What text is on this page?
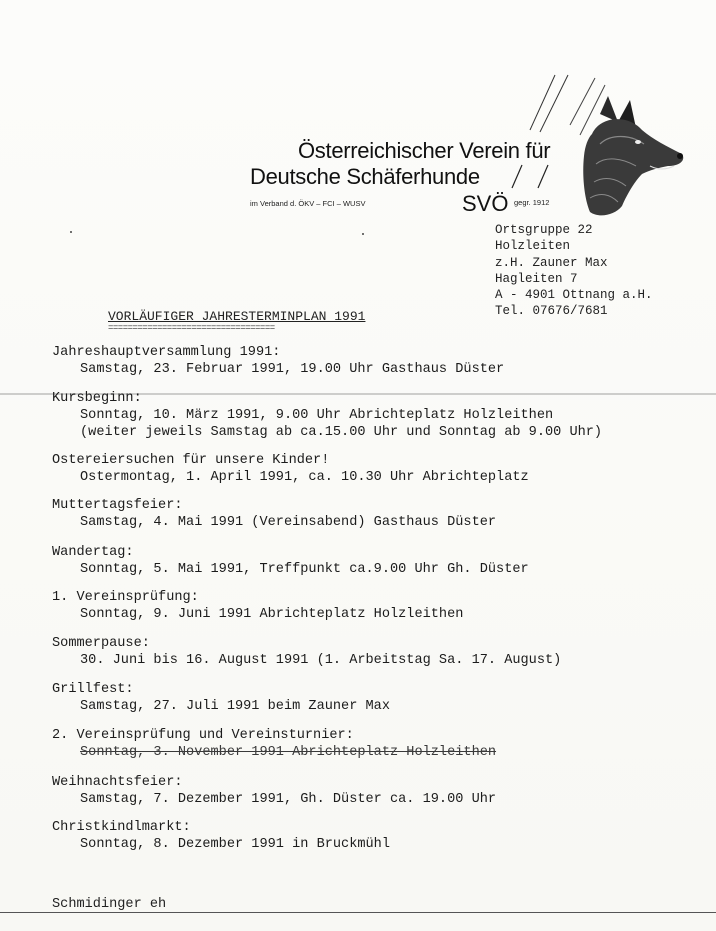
Österreichischer Verein für
Deutsche Schäferhunde
im Verband d. ÖKV – FCI – WUSV	SVÖ gegr. 1912
Ortsgruppe 22
Holzleiten
z.H. Zauner Max
Hagleiten 7
A - 4901 Ottnang a.H.
Tel. 07676/7681
VORLÄUFIGER JAHRESTERMINPLAN 1991
==================================
Jahreshauptversammlung 1991:
Samstag, 23. Februar 1991, 19.00 Uhr Gasthaus Düster
Kursbeginn:
Sonntag, 10. März 1991, 9.00 Uhr Abrichteplatz Holzleithen
(weiter jeweils Samstag ab ca.15.00 Uhr und Sonntag ab 9.00 Uhr)
Ostereiersuchen für unsere Kinder!
Ostermontag, 1. April 1991, ca. 10.30 Uhr Abrichteplatz
Muttertagsfeier:
Samstag, 4. Mai 1991 (Vereinsabend) Gasthaus Düster
Wandertag:
Sonntag, 5. Mai 1991, Treffpunkt ca.9.00 Uhr Gh. Düster
1. Vereinsprüfung:
Sonntag, 9. Juni 1991 Abrichteplatz Holzleithen
Sommerpause:
30. Juni bis 16. August 1991 (1. Arbeitstag Sa. 17. August)
Grillfest:
Samstag, 27. Juli 1991 beim Zauner Max
2. Vereinsprüfung und Vereinsturnier:
Sonntag, 3. November 1991 Abrichteplatz Holzleithen
Weihnachtsfeier:
Samstag, 7. Dezember 1991, Gh. Düster ca. 19.00 Uhr
Christkindlmarkt:
Sonntag, 8. Dezember 1991 in Bruckmühl
Schmidinger eh
